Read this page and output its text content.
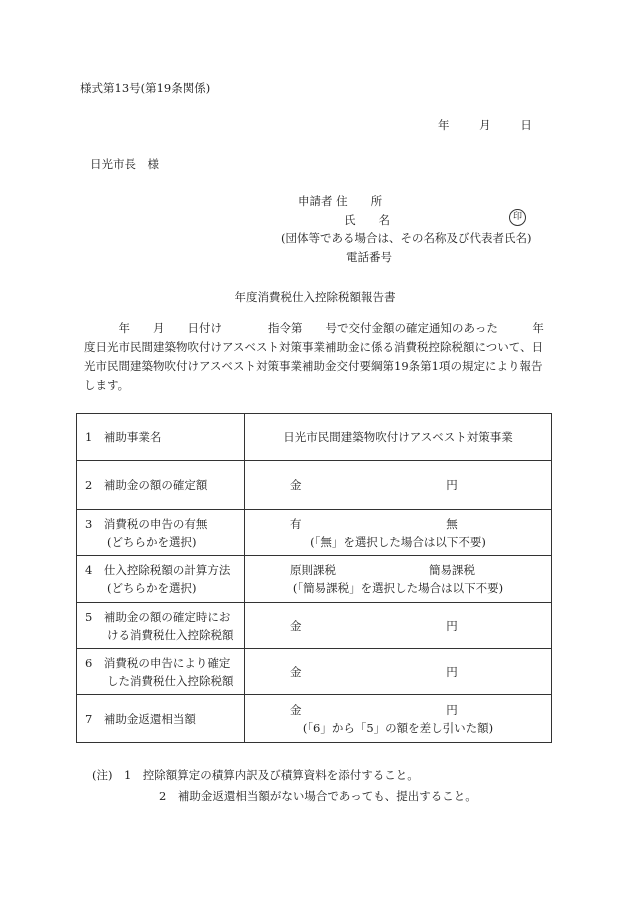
様式第13号(第19条関係)
年	月	日
日光市長　様
申請者 住　　所
氏　　名	印
(団体等である場合は、その名称及び代表者氏名)
電話番号
年度消費税仕入控除税額報告書
　　　年　　月　　日付け　　　　指令第　　号で交付金額の確定通知のあった　　　年
度日光市民間建築物吹付けアスベスト対策事業補助金に係る消費税控除税額について、日
光市民間建築物吹付けアスベスト対策事業補助金交付要綱第19条第1項の規定により報告
します。
1　補助事業名	日光市民間建築物吹付けアスベスト対策事業

2　補助金の額の確定額	金 円

3　消費税の申告の有無
(どちらかを選択)	有 無
(「無」を選択した場合は以下不要)

4　仕入控除税額の計算方法
(どちらかを選択)	原則課税 簡易課税
(「簡易課税」を選択した場合は以下不要)

5　補助金の額の確定時にお
ける消費税仕入控除税額	金 円

6　消費税の申告により確定
した消費税仕入控除税額	金 円

7　補助金返還相当額	金 円
(「6」から「5」の額を差し引いた額)
(注)　1　控除額算定の積算内訳及び積算資料を添付すること。
2　補助金返還相当額がない場合であっても、提出すること。
